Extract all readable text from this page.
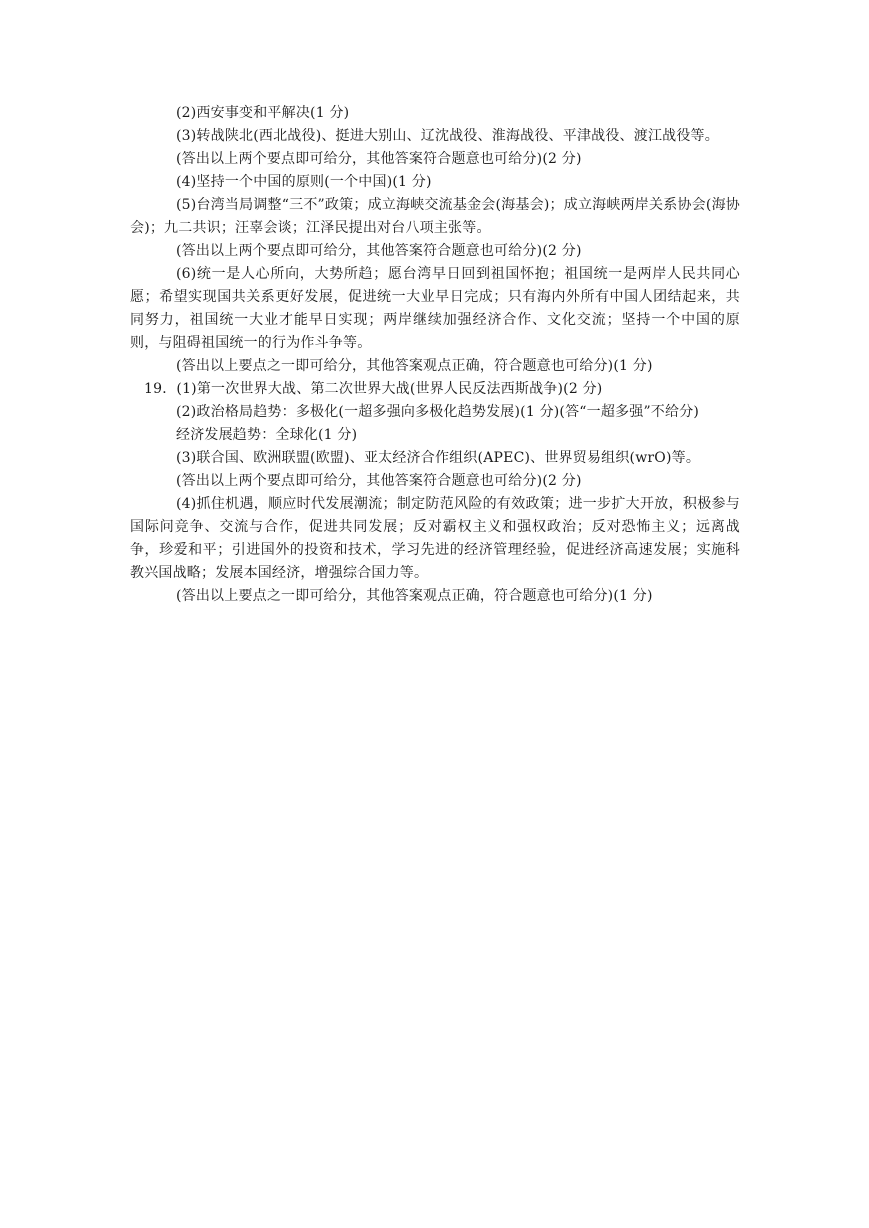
(2)西安事变和平解决(1 分)

(3)转战陕北(西北战役)、挺进大别山、辽沈战役、淮海战役、平津战役、渡江战役等。

(答出以上两个要点即可给分，其他答案符合题意也可给分)(2 分)

(4)坚持一个中国的原则(一个中国)(1 分)

(5)台湾当局调整“三不”政策；成立海峡交流基金会(海基会)；成立海峡两岸关系协会(海协会)；九二共识；汪辜会谈；江泽民提出对台八项主张等。

(答出以上两个要点即可给分，其他答案符合题意也可给分)(2 分)

(6)统一是人心所向，大势所趋；愿台湾早日回到祖国怀抱；祖国统一是两岸人民共同心愿；希望实现国共关系更好发展，促进统一大业早日完成；只有海内外所有中国人团结起来，共同努力，祖国统一大业才能早日实现；两岸继续加强经济合作、文化交流；坚持一个中国的原则，与阻碍祖国统一的行为作斗争等。

(答出以上要点之一即可给分，其他答案观点正确，符合题意也可给分)(1 分)

19．(1)第一次世界大战、第二次世界大战(世界人民反法西斯战争)(2 分)

(2)政治格局趋势：多极化(一超多强向多极化趋势发展)(1 分)(答“一超多强”不给分)

经济发展趋势：全球化(1 分)

(3)联合国、欧洲联盟(欧盟)、亚太经济合作组织(APEC)、世界贸易组织(wrO)等。

(答出以上两个要点即可给分，其他答案符合题意也可给分)(2 分)

(4)抓住机遇，顺应时代发展潮流；制定防范风险的有效政策；进一步扩大开放，积极参与国际问竞争、交流与合作，促进共同发展；反对霸权主义和强权政治；反对恐怖主义；远离战争，珍爱和平；引进国外的投资和技术，学习先进的经济管理经验，促进经济高速发展；实施科教兴国战略；发展本国经济，增强综合国力等。

(答出以上要点之一即可给分，其他答案观点正确，符合题意也可给分)(1 分)
